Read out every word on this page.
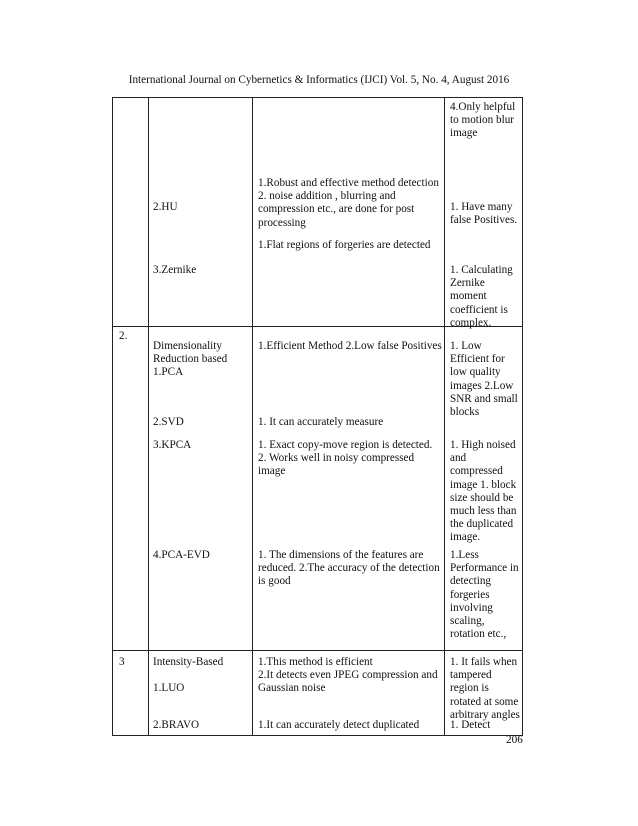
International Journal on Cybernetics & Informatics (IJCI) Vol. 5, No. 4, August 2016
2.HU
3.Zernike
1.Robust and effective method detection
2. noise addition , blurring and
compression etc., are done for post
processing
1.Flat regions of forgeries are detected
4.Only helpful
to motion blur
image
1. Have many
false Positives.
1. Calculating
Zernike
moment
coefficient is
complex.
2.
Dimensionality
Reduction based
1.PCA
2.SVD
3.KPCA
4.PCA-EVD
1.Efficient Method 2.Low false Positives
1. It can accurately measure
1. Exact copy-move region is detected.
2. Works well in noisy compressed
image
1. The dimensions of the features are
reduced. 2.The accuracy of the detection
is good
1. Low
Efficient for
low quality
images 2.Low
SNR and small
blocks
1. High noised
and
compressed
image 1. block
size should be
much less than
the duplicated
image.
1.Less
Performance in
detecting
forgeries
involving
scaling,
rotation etc.,
3	Intensity-Based
1.LUO
2.BRAVO
1.This method is efficient
2.It detects even JPEG compression and
Gaussian noise
1.It can accurately detect duplicated
1. It fails when
tampered
region is
rotated at some
arbitrary angles
1. Detect
206
